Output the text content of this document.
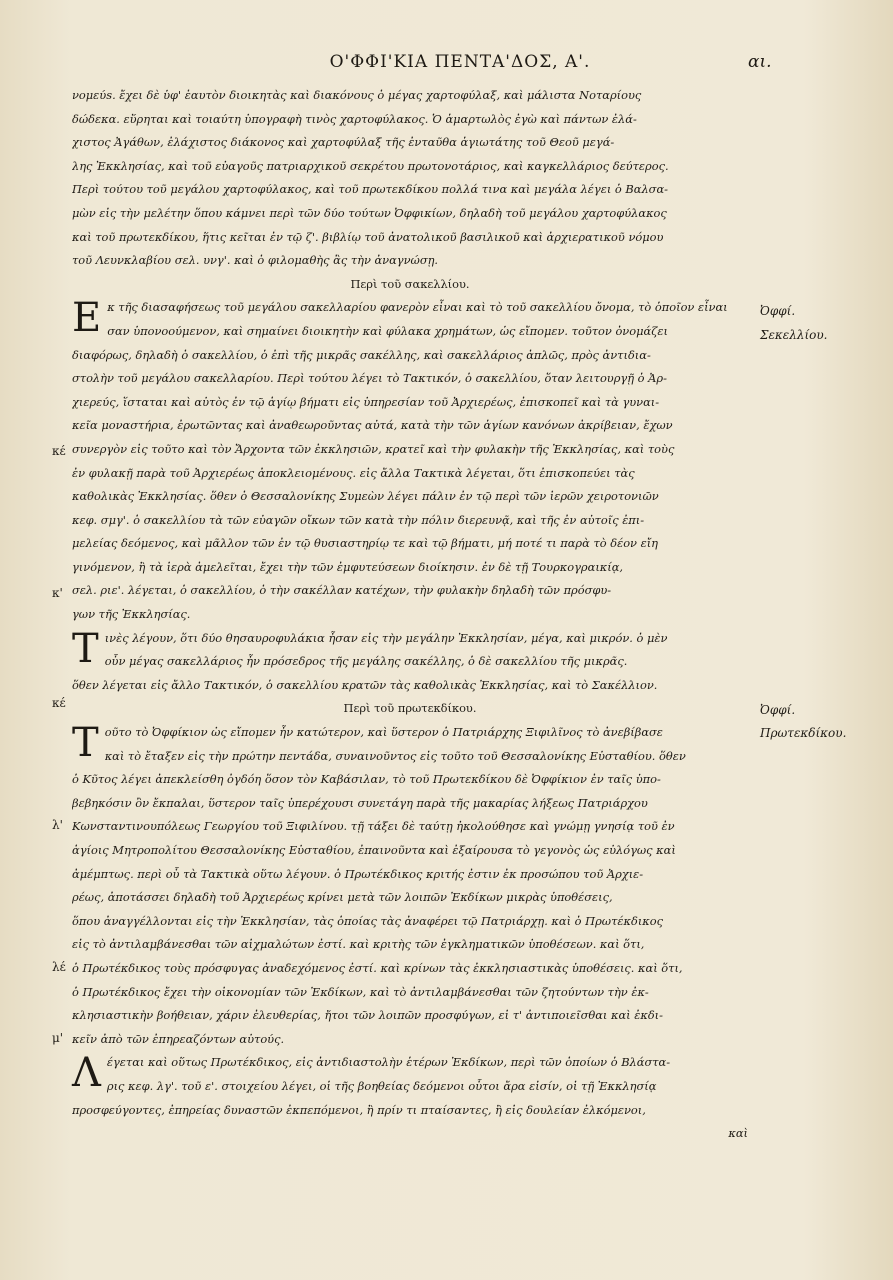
Ο'ΦΦΙ'ΚΙΑ ΠΕΝΤΑ'ΔΟΣ, Α'.	αι.
νομεύs. ἔχει δὲ ὑφ' ἑαυτὸν διοικητὰς καὶ διακόνους ὁ μέγας χαρτοφύλαξ, καὶ μάλιστα Νοταρίους
δώδεκα. εὕρηται καὶ τοιαύτη ὑπογραφὴ τινὸς χαρτοφύλακος. Ὁ ἁμαρτωλὸς ἐγὼ καὶ πάντων ἐλά-
χιστος Ἀγάθων, ἐλάχιστος διάκονος καὶ χαρτοφύλαξ τῆς ἐνταῦθα ἁγιωτάτης τοῦ Θεοῦ μεγά-
λης Ἐκκλησίας, καὶ τοῦ εὐαγοῦς πατριαρχικοῦ σεκρέτου πρωτονοτάριος, καὶ καγκελλάριος δεύτερος.
Περὶ τούτου τοῦ μεγάλου χαρτοφύλακος, καὶ τοῦ πρωτεκδίκου πολλά τινα καὶ μεγάλα λέγει ὁ Βαλσα-
μὼν εἰς τὴν μελέτην ὅπου κάμνει περὶ τῶν δύο τούτων Ὀφφικίων, δηλαδὴ τοῦ μεγάλου χαρτοφύλακος
καὶ τοῦ πρωτεκδίκου, ἥτις κεῖται ἐν τῷ ζ'. βιβλίῳ τοῦ ἀνατολικοῦ βασιλικοῦ καὶ ἀρχιερατικοῦ νόμου
τοῦ Λευνκλαβίου σελ. υνγ'. καὶ ὁ φιλομαθὴς ἂς τὴν ἀναγνώσῃ.
Περὶ τοῦ σακελλίου.
Ε κ τῆς διασαφήσεως τοῦ μεγάλου σακελλαρίου φανερὸν εἶναι καὶ τὸ τοῦ σακελλίου ὄνομα, τὸ ὁποῖον εἶναι
σαν ὑπονοούμενον, καὶ σημαίνει διοικητὴν καὶ φύλακα χρημάτων, ὡς εἴπομεν. τοῦτον ὀνομάζει
διαφόρως, δηλαδὴ ὁ σακελλίου, ὁ ἐπὶ τῆς μικρᾶς σακέλλης, καὶ σακελλάριος ἁπλῶς, πρὸς ἀντιδια-
στολὴν τοῦ μεγάλου σακελλαρίου. Περὶ τούτου λέγει τὸ Τακτικόν, ὁ σακελλίου, ὅταν λειτουργῇ ὁ Ἀρ-
χιερεύς, ἵσταται καὶ αὐτὸς ἐν τῷ ἁγίῳ βήματι εἰς ὑπηρεσίαν τοῦ Ἀρχιερέως, ἐπισκοπεῖ καὶ τὰ γυναι-
κεῖα μοναστήρια, ἐρωτῶντας καὶ ἀναθεωροῦντας αὐτά, κατὰ τὴν τῶν ἁγίων κανόνων ἀκρίβειαν, ἔχων
συνεργὸν εἰς τοῦτο καὶ τὸν Ἄρχοντα τῶν ἐκκλησιῶν, κρατεῖ καὶ τὴν φυλακὴν τῆς Ἐκκλησίας, καὶ τοὺς
ἐν φυλακῇ παρὰ τοῦ Ἀρχιερέως ἀποκλειομένους. εἰς ἄλλα Τακτικὰ λέγεται, ὅτι ἐπισκοπεύει τὰς
καθολικὰς Ἐκκλησίας. ὅθεν ὁ Θεσσαλονίκης Συμεὼν λέγει πάλιν ἐν τῷ περὶ τῶν ἱερῶν χειροτονιῶν
κεφ. σμγ'. ὁ σακελλίου τὰ τῶν εὐαγῶν οἴκων τῶν κατὰ τὴν πόλιν διερευνᾷ, καὶ τῆς ἐν αὐτοῖς ἐπι-
μελείας δεόμενος, καὶ μᾶλλον τῶν ἐν τῷ θυσιαστηρίῳ τε καὶ τῷ βήματι, μή ποτέ τι παρὰ τὸ δέον εἴη
γινόμενον, ἢ τὰ ἱερὰ ἀμελεῖται, ἔχει τὴν τῶν ἐμφυτεύσεων διοίκησιν. ἐν δὲ τῇ Τουρκογραικίᾳ,
σελ. ριε'. λέγεται, ὁ σακελλίου, ὁ τὴν σακέλλαν κατέχων, τὴν φυλακὴν δηλαδὴ τῶν πρόσφυ-
γων τῆς Ἐκκλησίας.
Τ ινὲς λέγουν, ὅτι δύο θησαυροφυλάκια ἦσαν εἰς τὴν μεγάλην Ἐκκλησίαν, μέγα, καὶ μικρόν. ὁ μὲν
οὖν μέγας σακελλάριος ἦν πρόσεδρος τῆς μεγάλης σακέλλης, ὁ δὲ σακελλίου τῆς μικρᾶς.
ὅθεν λέγεται εἰς ἄλλο Τακτικόν, ὁ σακελλίου κρατῶν τὰς καθολικὰς Ἐκκλησίας, καὶ τὸ Σακέλλιον.
Περὶ τοῦ πρωτεκδίκου.
Τ οῦτο τὸ Ὀφφίκιον ὡς εἴπομεν ἦν κατώτερον, καὶ ὕστερον ὁ Πατριάρχης Ξιφιλῖνος τὸ ἀνεβίβασε
καὶ τὸ ἔταξεν εἰς τὴν πρώτην πεντάδα, συναινοῦντος εἰς τοῦτο τοῦ Θεσσαλονίκης Εὐσταθίου. ὅθεν
ὁ Κῦτος λέγει ἀπεκλείσθη ὀγδόη ὅσον τὸν Καβάσιλαν, τὸ τοῦ Πρωτεκδίκου δὲ Ὀφφίκιον ἐν ταῖς ὑπο-
βεβηκόσιν ὂν ἔκπαλαι, ὕστερον ταῖς ὑπερέχουσι συνετάγη παρὰ τῆς μακαρίας λήξεως Πατριάρχου
Κωνσταντινουπόλεως Γεωργίου τοῦ Ξιφιλίνου. τῇ τάξει δὲ ταύτῃ ἠκολούθησε καὶ γνώμῃ γνησίᾳ τοῦ ἐν
ἁγίοις Μητροπολίτου Θεσσαλονίκης Εὐσταθίου, ἐπαινοῦντα καὶ ἐξαίρουσα τὸ γεγονὸς ὡς εὐλόγως καὶ
ἀμέμπτως. περὶ οὗ τὰ Τακτικὰ οὕτω λέγουν. ὁ Πρωτέκδικος κριτής ἐστιν ἐκ προσώπου τοῦ Ἀρχιε-
ρέως, ἀποτάσσει δηλαδὴ τοῦ Ἀρχιερέως κρίνει μετὰ τῶν λοιπῶν Ἐκδίκων μικρὰς ὑποθέσεις,
ὅπου ἀναγγέλλονται εἰς τὴν Ἐκκλησίαν, τὰς ὁποίας τὰς ἀναφέρει τῷ Πατριάρχῃ. καὶ ὁ Πρωτέκδικος
εἰς τὸ ἀντιλαμβάνεσθαι τῶν αἰχμαλώτων ἐστί. καὶ κριτὴς τῶν ἐγκληματικῶν ὑποθέσεων. καὶ ὅτι,
ὁ Πρωτέκδικος τοὺς πρόσφυγας ἀναδεχόμενος ἐστί. καὶ κρίνων τὰς ἐκκλησιαστικὰς ὑποθέσεις. καὶ ὅτι,
ὁ Πρωτέκδικος ἔχει τὴν οἰκονομίαν τῶν Ἐκδίκων, καὶ τὸ ἀντιλαμβάνεσθαι τῶν ζητούντων τὴν ἐκ-
κλησιαστικὴν βοήθειαν, χάριν ἐλευθερίας, ἤτοι τῶν λοιπῶν προσφύγων, εἰ τ' ἀντιποιεῖσθαι καὶ ἐκδι-
κεῖν ἀπὸ τῶν ἐπηρεαζόντων αὐτούς.
Λ έγεται καὶ οὕτως Πρωτέκδικος, εἰς ἀντιδιαστολὴν ἑτέρων Ἐκδίκων, περὶ τῶν ὁποίων ὁ Βλάστα-
ρις κεφ. λγ'. τοῦ ε'. στοιχείου λέγει, οἱ τῆς βοηθείας δεόμενοι οὗτοι ἄρα εἰσίν, οἱ τῇ Ἐκκλησίᾳ
προσφεύγοντες, ἐπηρείας δυναστῶν ἐκπεπόμενοι, ἢ πρίν τι πταίσαντες, ἢ εἰς δουλείαν ἐλκόμενοι,
καὶ
Ὀφφί.
Σεκελλίου.
Ὀφφί.
Πρωτεκδίκου.
κέ
κ'
κέ
λ'
λέ
μ'
